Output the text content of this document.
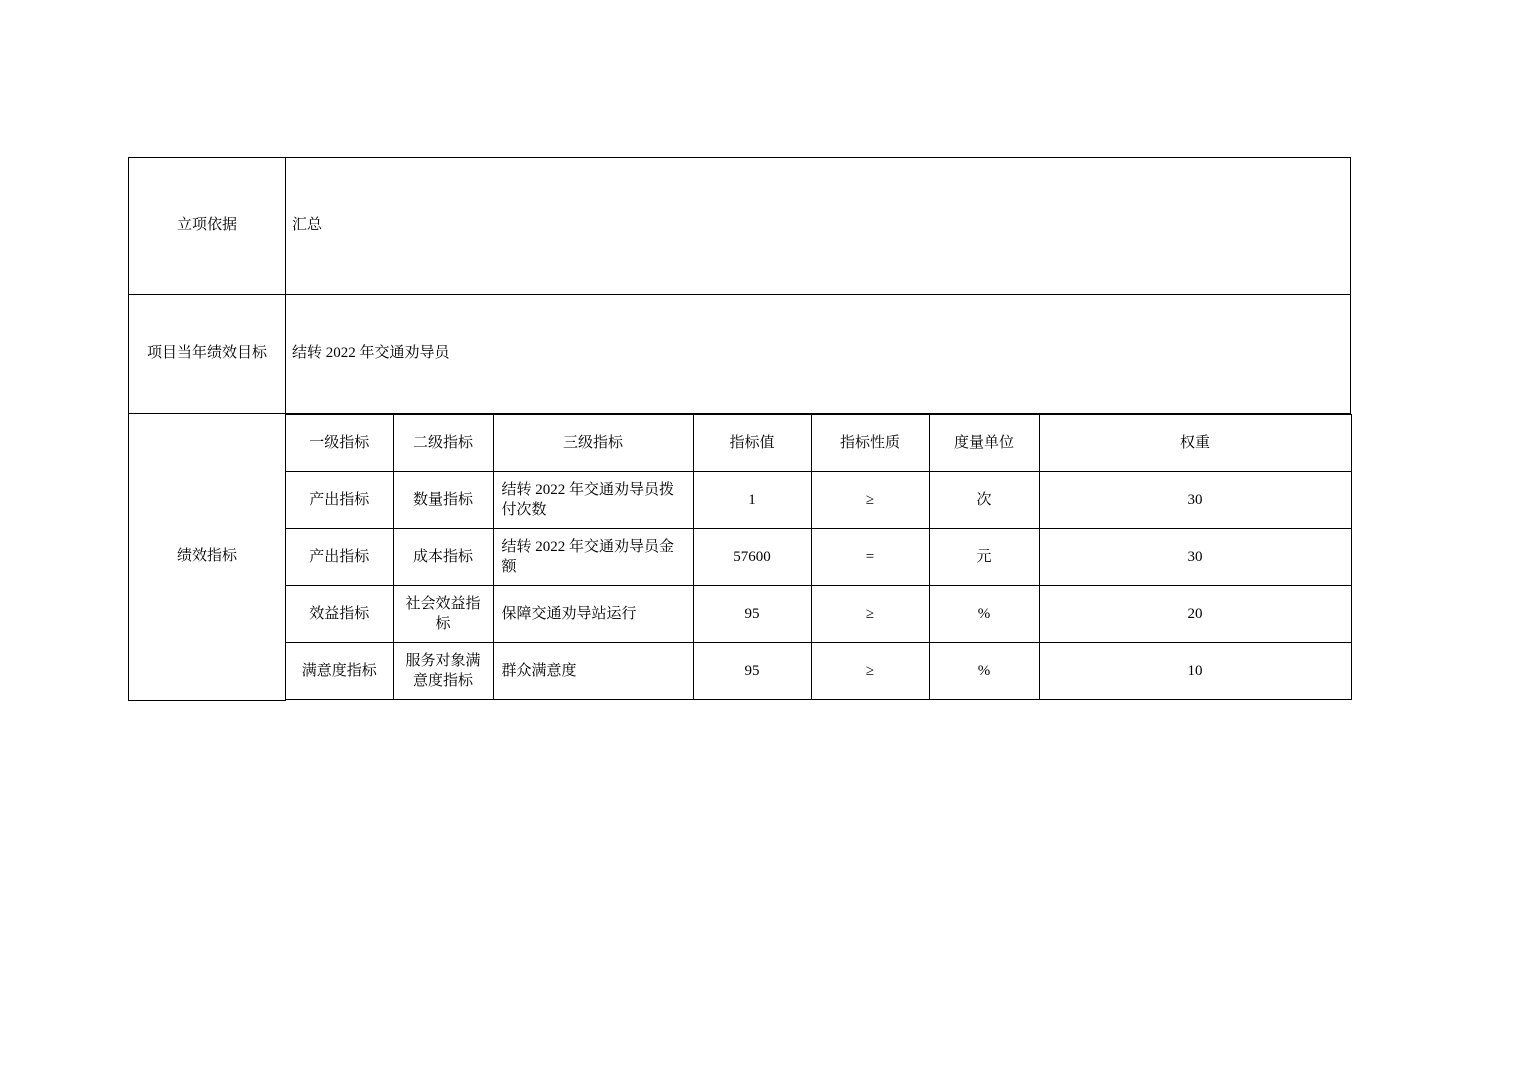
立项依据	汇总
项目当年绩效目标	结转 2022 年交通劝导员
绩效指标	
一级指标	二级指标	三级指标	指标值	指标性质	度量单位	权重
产出指标	数量指标	结转 2022 年交通劝导员拨付次数	1	≥	次	30
产出指标	成本指标	结转 2022 年交通劝导员金额	57600	=	元	30
效益指标	社会效益指标	保障交通劝导站运行	95	≥	%	20
满意度指标	服务对象满意度指标	群众满意度	95	≥	%	10
